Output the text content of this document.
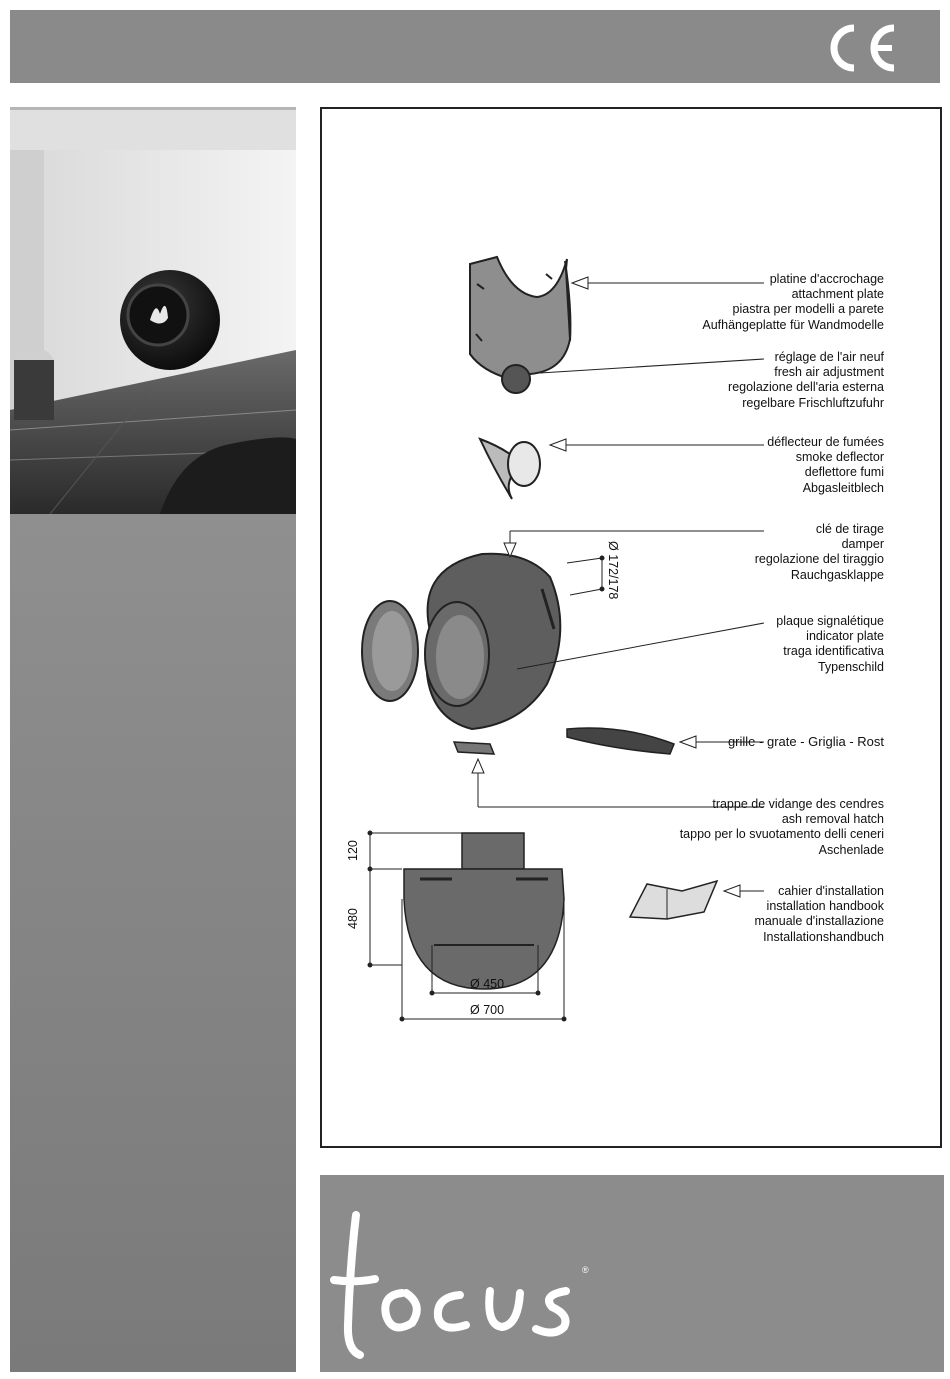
platine d'accrochage
attachment plate
piastra per modelli a parete
Aufhängeplatte für Wandmodelle
réglage de l'air neuf
fresh air adjustment
regolazione dell'aria esterna
regelbare Frischluftzufuhr
déflecteur de fumées
smoke deflector
deflettore fumi
Abgasleitblech
clé de tirage
damper
regolazione del tiraggio
Rauchgasklappe
plaque signalétique
indicator plate
traga identificativa
Typenschild
grille - grate - Griglia - Rost
trappe de vidange des cendres
ash removal hatch
tappo per lo svuotamento delli ceneri
Aschenlade
cahier d'installation
installation handbook
manuale d'installazione
Installationshandbuch
Ø 172/178
120
480
Ø 450
Ø 700
®
focus
